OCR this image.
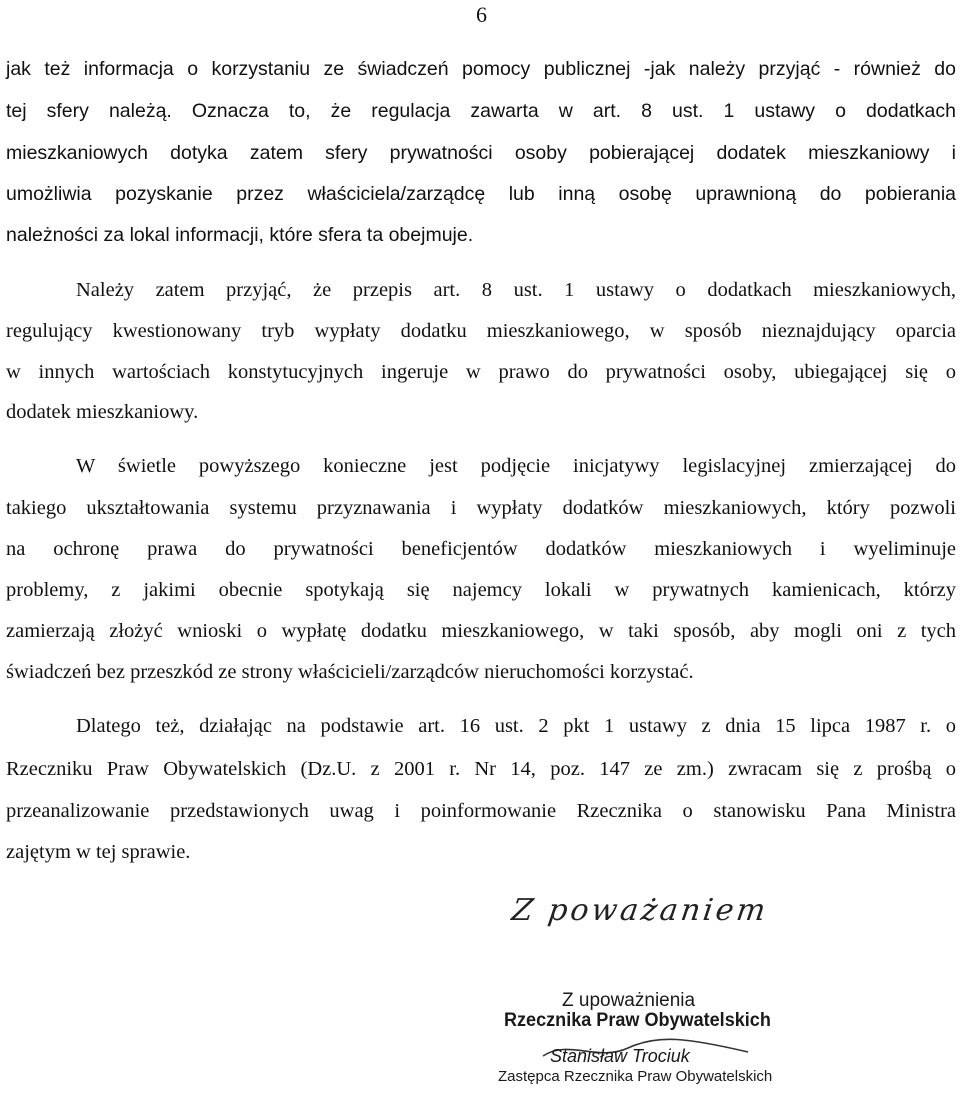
6
jak też informacja o korzystaniu ze świadczeń pomocy publicznej -jak należy przyjąć - również do
tej sfery należą. Oznacza to, że regulacja zawarta w art. 8 ust. 1 ustawy o dodatkach
mieszkaniowych dotyka zatem sfery prywatności osoby pobierającej dodatek mieszkaniowy i
umożliwia pozyskanie przez właściciela/zarządcę lub inną osobę uprawnioną do pobierania
należności za lokal informacji, które sfera ta obejmuje.
Należy zatem przyjąć, że przepis art. 8 ust. 1 ustawy o dodatkach mieszkaniowych,
regulujący kwestionowany tryb wypłaty dodatku mieszkaniowego, w sposób nieznajdujący oparcia
w innych wartościach konstytucyjnych ingeruje w prawo do prywatności osoby, ubiegającej się o
dodatek mieszkaniowy.
W świetle powyższego konieczne jest podjęcie inicjatywy legislacyjnej zmierzającej do
takiego ukształtowania systemu przyznawania i wypłaty dodatków mieszkaniowych, który pozwoli
na ochronę prawa do prywatności beneficjentów dodatków mieszkaniowych i wyeliminuje
problemy, z jakimi obecnie spotykają się najemcy lokali w prywatnych kamienicach, którzy
zamierzają złożyć wnioski o wypłatę dodatku mieszkaniowego, w taki sposób, aby mogli oni z tych
świadczeń bez przeszkód ze strony właścicieli/zarządców nieruchomości korzystać.
Dlatego też, działając na podstawie art. 16 ust. 2 pkt 1 ustawy z dnia 15 lipca 1987 r. o
Rzeczniku Praw Obywatelskich (Dz.U. z 2001 r. Nr 14, poz. 147 ze zm.) zwracam się z prośbą o
przeanalizowanie przedstawionych uwag i poinformowanie Rzecznika o stanowisku Pana Ministra
zajętym w tej sprawie.
Z poważaniem
Z upoważnienia
Rzecznika Praw Obywatelskich
Stanisław Trociuk
Zastępca Rzecznika Praw Obywatelskich
